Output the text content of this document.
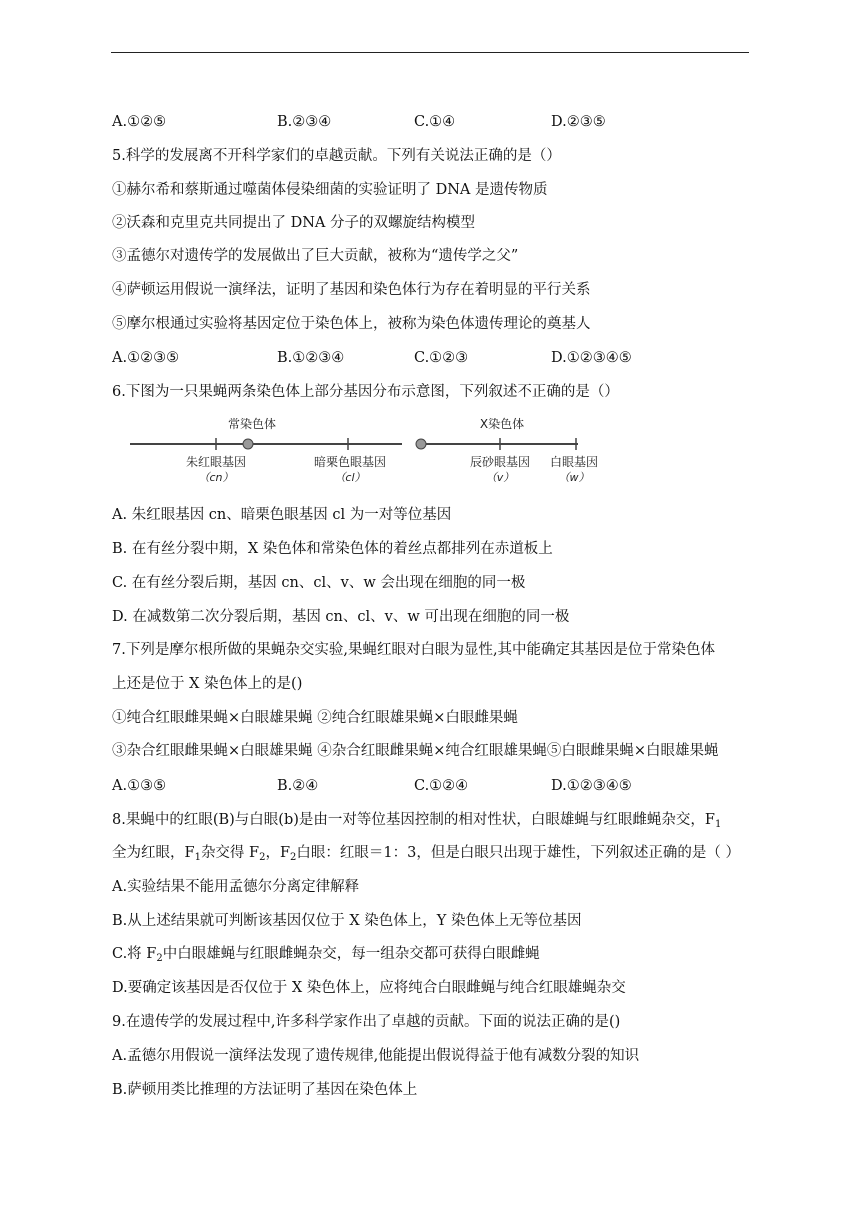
A.①②⑤	B.②③④	C.①④	D.②③⑤
5.科学的发展离不开科学家们的卓越贡献。下列有关说法正确的是（）
①赫尔希和蔡斯通过噬菌体侵染细菌的实验证明了 DNA 是遗传物质
②沃森和克里克共同提出了 DNA 分子的双螺旋结构模型
③孟德尔对遗传学的发展做出了巨大贡献，被称为“遗传学之父”
④萨顿运用假说一演绎法，证明了基因和染色体行为存在着明显的平行关系
⑤摩尔根通过实验将基因定位于染色体上，被称为染色体遗传理论的奠基人
A.①②③⑤	B.①②③④	C.①②③	D.①②③④⑤
6.下图为一只果蝇两条染色体上部分基因分布示意图，下列叙述不正确的是（）
常染色体
朱红眼基因
（cn）
暗栗色眼基因
（cl）
X染色体
辰砂眼基因
（v）
白眼基因
（w）
A. 朱红眼基因 cn、暗栗色眼基因 cl 为一对等位基因
B. 在有丝分裂中期，X 染色体和常染色体的着丝点都排列在赤道板上
C. 在有丝分裂后期，基因 cn、cl、v、w 会出现在细胞的同一极
D. 在减数第二次分裂后期，基因 cn、cl、v、w 可出现在细胞的同一极
7.下列是摩尔根所做的果蝇杂交实验,果蝇红眼对白眼为显性,其中能确定其基因是位于常染色体
上还是位于 X 染色体上的是()
①纯合红眼雌果蝇×白眼雄果蝇 ②纯合红眼雄果蝇×白眼雌果蝇
③杂合红眼雌果蝇×白眼雄果蝇 ④杂合红眼雌果蝇×纯合红眼雄果蝇⑤白眼雌果蝇×白眼雄果蝇
A.①③⑤	B.②④	C.①②④	D.①②③④⑤
8.果蝇中的红眼(B)与白眼(b)是由一对等位基因控制的相对性状，白眼雄蝇与红眼雌蝇杂交，$F_1$
全为红眼，$F_1$杂交得 $F_2$，$F_2$白眼：红眼＝1：3，但是白眼只出现于雄性，下列叙述正确的是（ ）
A.实验结果不能用孟德尔分离定律解释
B.从上述结果就可判断该基因仅位于 X 染色体上，Y 染色体上无等位基因
C.将 $F_2$中白眼雄蝇与红眼雌蝇杂交，每一组杂交都可获得白眼雌蝇
D.要确定该基因是否仅位于 X 染色体上，应将纯合白眼雌蝇与纯合红眼雄蝇杂交
9.在遗传学的发展过程中,许多科学家作出了卓越的贡献。下面的说法正确的是()
A.孟德尔用假说一演绎法发现了遗传规律,他能提出假说得益于他有减数分裂的知识
B.萨顿用类比推理的方法证明了基因在染色体上
